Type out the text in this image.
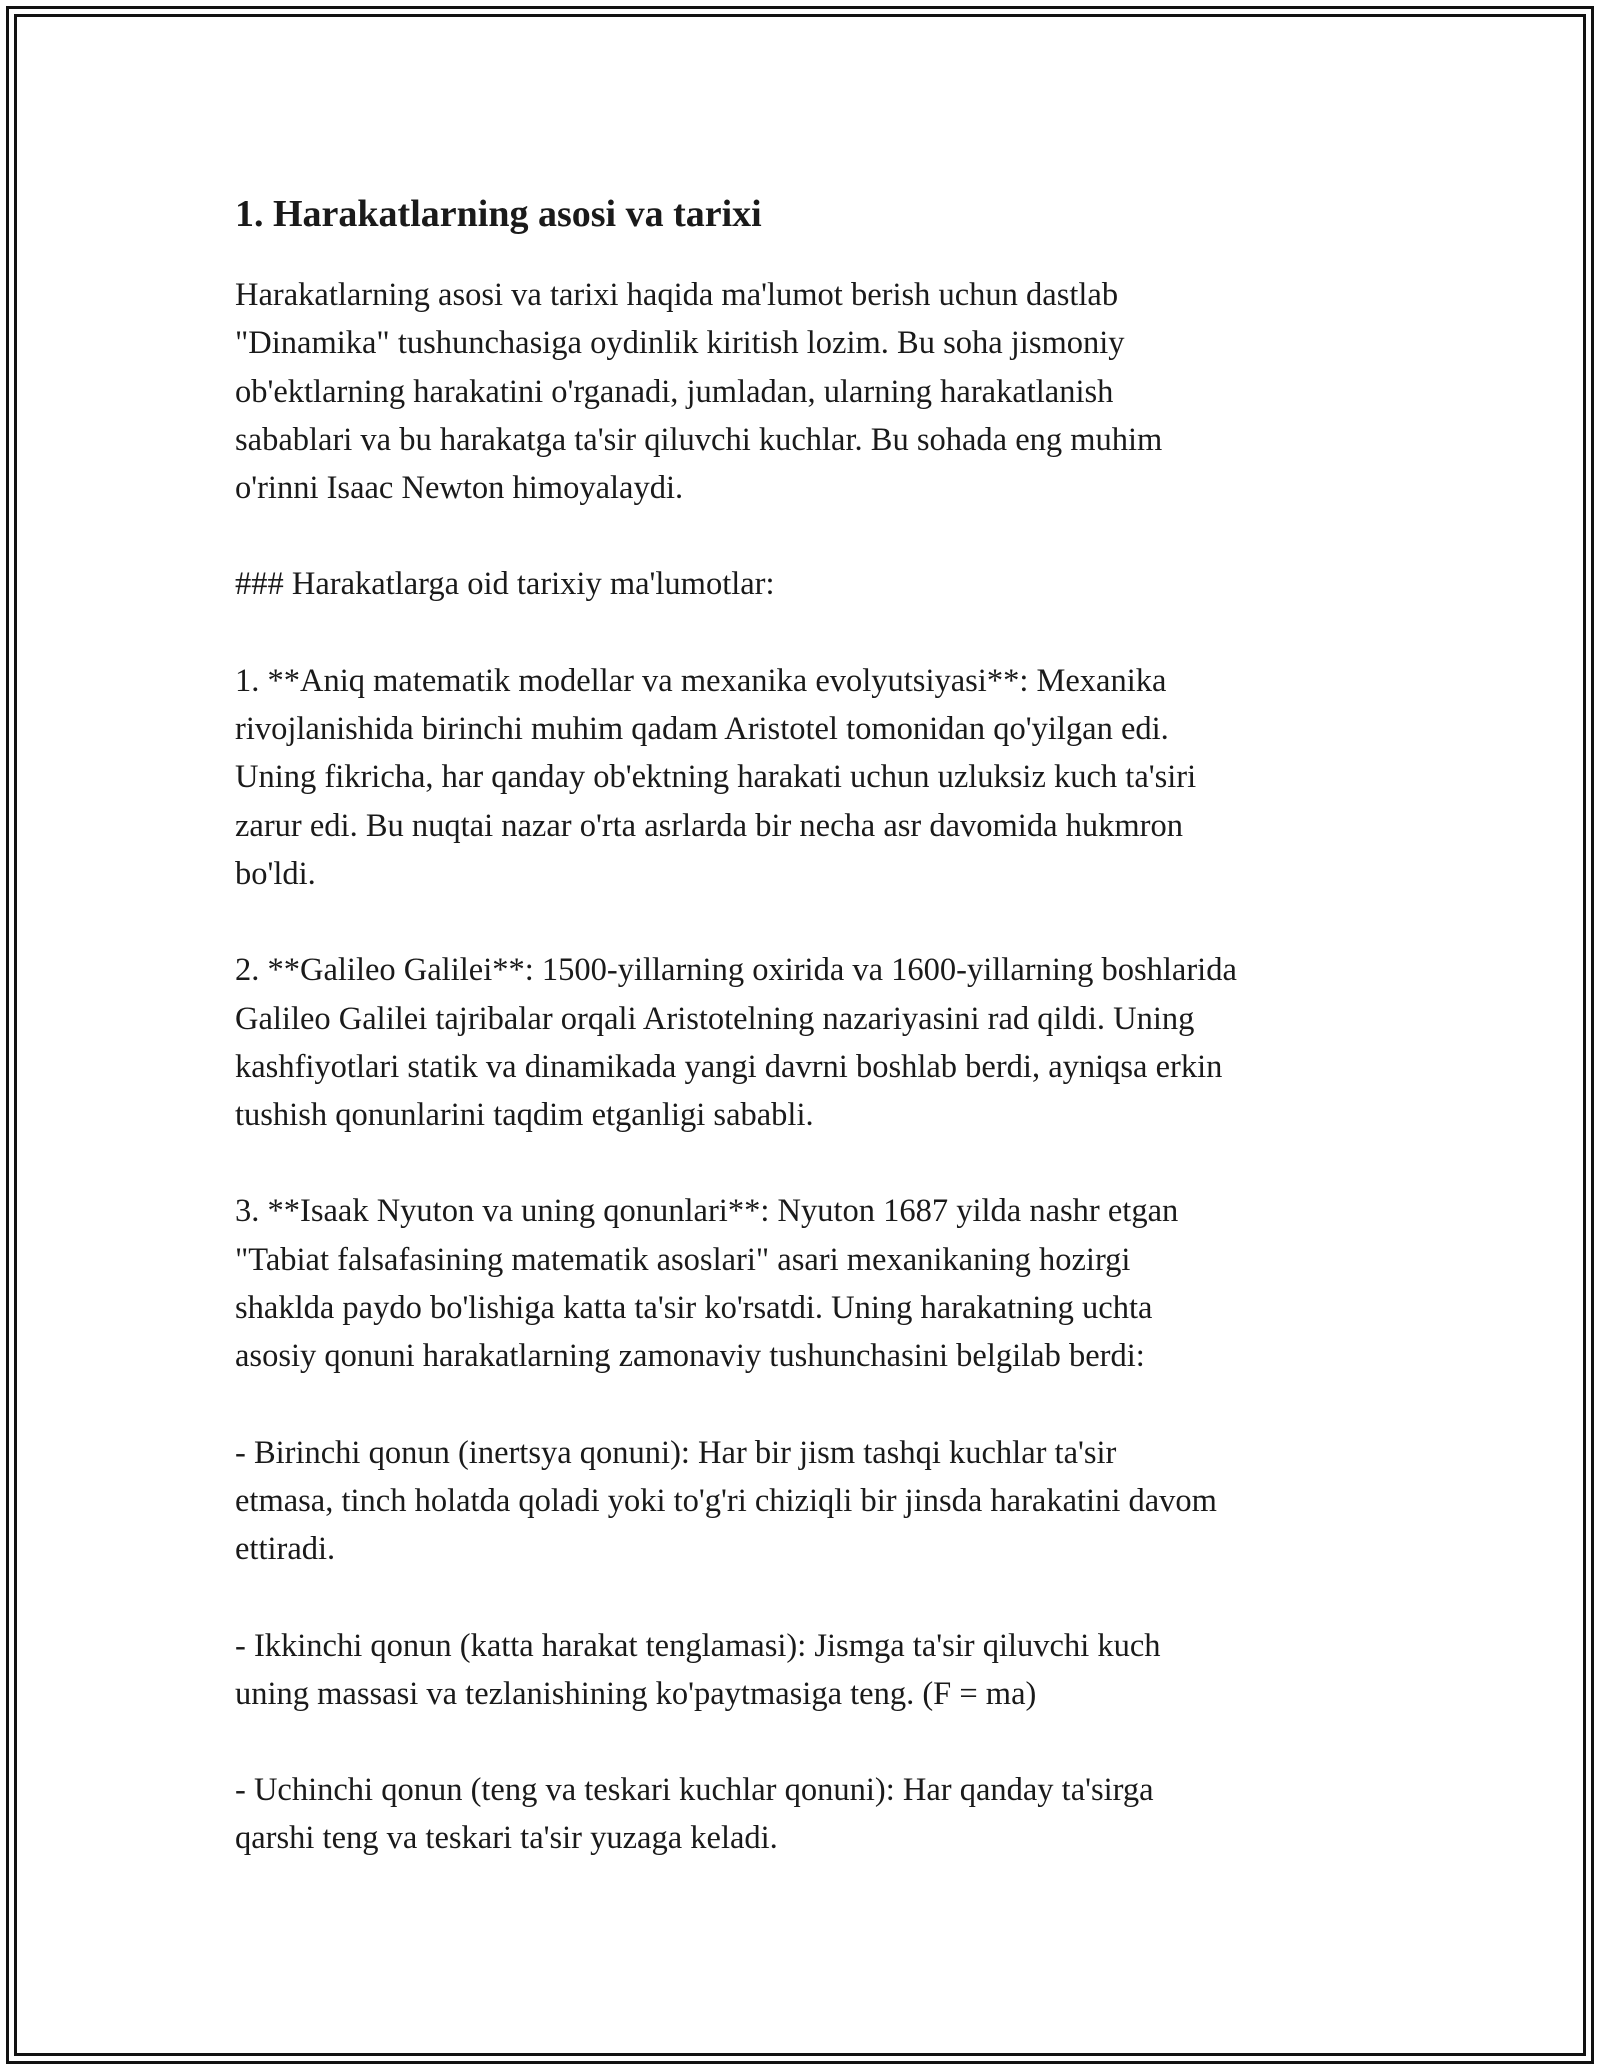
1. Harakatlarning asosi va tarixi

Harakatlarning asosi va tarixi haqida ma'lumot berish uchun dastlab
"Dinamika" tushunchasiga oydinlik kiritish lozim. Bu soha jismoniy
ob'ektlarning harakatini o'rganadi, jumladan, ularning harakatlanish
sabablari va bu harakatga ta'sir qiluvchi kuchlar. Bu sohada eng muhim
o'rinni Isaac Newton himoyalaydi.

### Harakatlarga oid tarixiy ma'lumotlar:

1. **Aniq matematik modellar va mexanika evolyutsiyasi**: Mexanika
rivojlanishida birinchi muhim qadam Aristotel tomonidan qo'yilgan edi.
Uning fikricha, har qanday ob'ektning harakati uchun uzluksiz kuch ta'siri
zarur edi. Bu nuqtai nazar o'rta asrlarda bir necha asr davomida hukmron
bo'ldi.

2. **Galileo Galilei**: 1500-yillarning oxirida va 1600-yillarning boshlarida
Galileo Galilei tajribalar orqali Aristotelning nazariyasini rad qildi. Uning
kashfiyotlari statik va dinamikada yangi davrni boshlab berdi, ayniqsa erkin
tushish qonunlarini taqdim etganligi sababli.

3. **Isaak Nyuton va uning qonunlari**: Nyuton 1687 yilda nashr etgan
"Tabiat falsafasining matematik asoslari" asari mexanikaning hozirgi
shaklda paydo bo'lishiga katta ta'sir ko'rsatdi. Uning harakatning uchta
asosiy qonuni harakatlarning zamonaviy tushunchasini belgilab berdi:

- Birinchi qonun (inertsya qonuni): Har bir jism tashqi kuchlar ta'sir
etmasa, tinch holatda qoladi yoki to'g'ri chiziqli bir jinsda harakatini davom
ettiradi.

- Ikkinchi qonun (katta harakat tenglamasi): Jismga ta'sir qiluvchi kuch
uning massasi va tezlanishining ko'paytmasiga teng. (F = ma)

- Uchinchi qonun (teng va teskari kuchlar qonuni): Har qanday ta'sirga
qarshi teng va teskari ta'sir yuzaga keladi.
